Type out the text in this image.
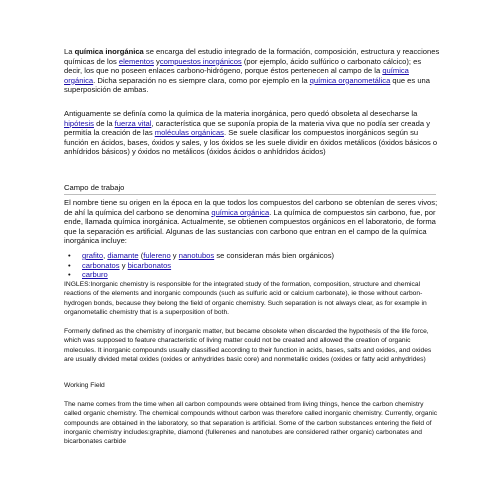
La química inorgánica se encarga del estudio integrado de la formación, composición, estructura y reacciones químicas de los elementos ycompuestos inorgánicos (por ejemplo, ácido sulfúrico o carbonato cálcico); es decir, los que no poseen enlaces carbono-hidrógeno, porque éstos pertenecen al campo de la química orgánica. Dicha separación no es siempre clara, como por ejemplo en la química organometálica que es una superposición de ambas.

Antiguamente se definía como la química de la materia inorgánica, pero quedó obsoleta al desecharse la hipótesis de la fuerza vital, característica que se suponía propia de la materia viva que no podía ser creada y permitía la creación de las moléculas orgánicas. Se suele clasificar los compuestos inorgánicos según su función en ácidos, bases, óxidos y sales, y los óxidos se les suele dividir en óxidos metálicos (óxidos básicos o anhídridos básicos) y óxidos no metálicos (óxidos ácidos o anhídridos ácidos)

Campo de trabajo

El nombre tiene su origen en la época en la que todos los compuestos del carbono se obtenían de seres vivos; de ahí la química del carbono se denomina química orgánica. La química de compuestos sin carbono, fue, por ende, llamada química inorgánica. Actualmente, se obtienen compuestos orgánicos en el laboratorio, de forma que la separación es artificial. Algunas de las sustancias con carbono que entran en el campo de la química inorgánica incluye:

• grafito, diamante (fulereno y nanotubos se consideran más bien orgánicos)
• carbonatos y bicarbonatos
• carburo

INGLES:Inorganic chemistry is responsible for the integrated study of the formation, composition, structure and chemical reactions of the elements and inorganic compounds (such as sulfuric acid or calcium carbonate), ie those without carbon-hydrogen bonds, because they belong the field of organic chemistry. Such separation is not always clear, as for example in organometallic chemistry that is a superposition of both.

Formerly defined as the chemistry of inorganic matter, but became obsolete when discarded the hypothesis of the life force, which was supposed to feature characteristic of living matter could not be created and allowed the creation of organic molecules. It inorganic compounds usually classified according to their function in acids, bases, salts and oxides, and oxides are usually divided metal oxides (oxides or anhydrides basic core) and nonmetallic oxides (oxides or fatty acid anhydrides)

Working Field

The name comes from the time when all carbon compounds were obtained from living things, hence the carbon chemistry called organic chemistry. The chemical compounds without carbon was therefore called inorganic chemistry. Currently, organic compounds are obtained in the laboratory, so that separation is artificial. Some of the carbon substances entering the field of inorganic chemistry includes:graphite, diamond (fullerenes and nanotubes are considered rather organic) carbonates and bicarbonates carbide
